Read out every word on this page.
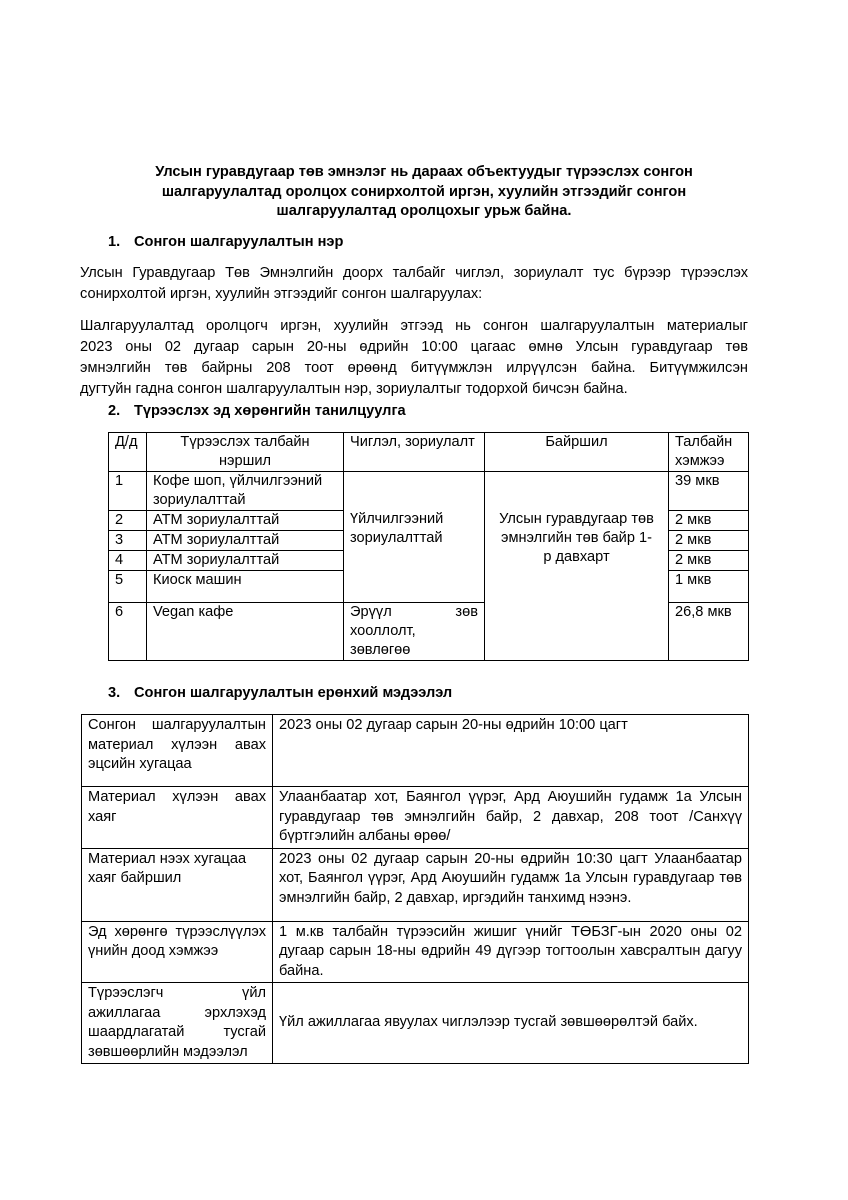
Улсын гуравдугаар төв эмнэлэг нь дараах объектуудыг түрээслэх сонгон
шалгаруулалтад оролцох сонирхолтой иргэн, хуулийн этгээдийг сонгон
шалгаруулалтад оролцохыг урьж байна.
1. Сонгон шалгаруулалтын нэр
Улсын Гуравдугаар Төв Эмнэлгийн доорх талбайг чиглэл, зориулалт тус бүрээр түрээслэх
сонирхолтой иргэн, хуулийн этгээдийг сонгон шалгаруулах:
Шалгаруулалтад оролцогч иргэн, хуулийн этгээд нь сонгон шалгаруулалтын материалыг
2023 оны 02 дугаар сарын 20-ны өдрийн 10:00 цагаас өмнө Улсын гуравдугаар төв
эмнэлгийн төв байрны 208 тоот өрөөнд битүүмжлэн илрүүлсэн байна. Битүүмжилсэн
дугтуйн гадна сонгон шалгаруулалтын нэр, зориулалтыг тодорхой бичсэн байна.
2. Түрээслэх эд хөрөнгийн танилцуулга
Д/д	Түрээслэх талбайн нэршил	Чиглэл, зориулалт	Байршил	Талбайн хэмжээ
1	Кофе шоп, үйлчилгээний зориулалттай	Үйлчилгээний зориулалттай	Улсын гуравдугаар төв эмнэлгийн төв байр 1-р давхарт	39 мкв
2	АТМ зориулалттай			2 мкв
3	АТМ зориулалттай			2 мкв
4	АТМ зориулалттай			2 мкв
5	Киоск машин			1 мкв
6	Vegan кафе	Эрүүл зөв хооллолт, зөвлөгөө		26,8 мкв
3. Сонгон шалгаруулалтын ерөнхий мэдээлэл
Сонгон шалгаруулалтын материал хүлээн авах эцсийн хугацаа	2023 оны 02 дугаар сарын 20-ны өдрийн 10:00 цагт
Материал хүлээн авах хаяг	Улаанбаатар хот, Баянгол үүрэг, Ард Аюушийн гудамж 1а Улсын гуравдугаар төв эмнэлгийн байр, 2 давхар, 208 тоот /Санхүү бүртгэлийн албаны өрөө/
Материал нээх хугацаа хаяг байршил	2023 оны 02 дугаар сарын 20-ны өдрийн 10:30 цагт Улаанбаатар хот, Баянгол үүрэг, Ард Аюушийн гудамж 1а Улсын гуравдугаар төв эмнэлгийн байр, 2 давхар, иргэдийн танхимд нээнэ.
Эд хөрөнгө түрээслүүлэх үнийн доод хэмжээ	1 м.кв талбайн түрээсийн жишиг үнийг ТӨБЗГ-ын 2020 оны 02 дугаар сарын 18-ны өдрийн 49 дүгээр тогтоолын хавсралтын дагуу байна.
Түрээслэгч үйл ажиллагаа эрхлэхэд шаардлагатай тусгай зөвшөөрлийн мэдээлэл	Үйл ажиллагаа явуулах чиглэлээр тусгай зөвшөөрөлтэй байх.
